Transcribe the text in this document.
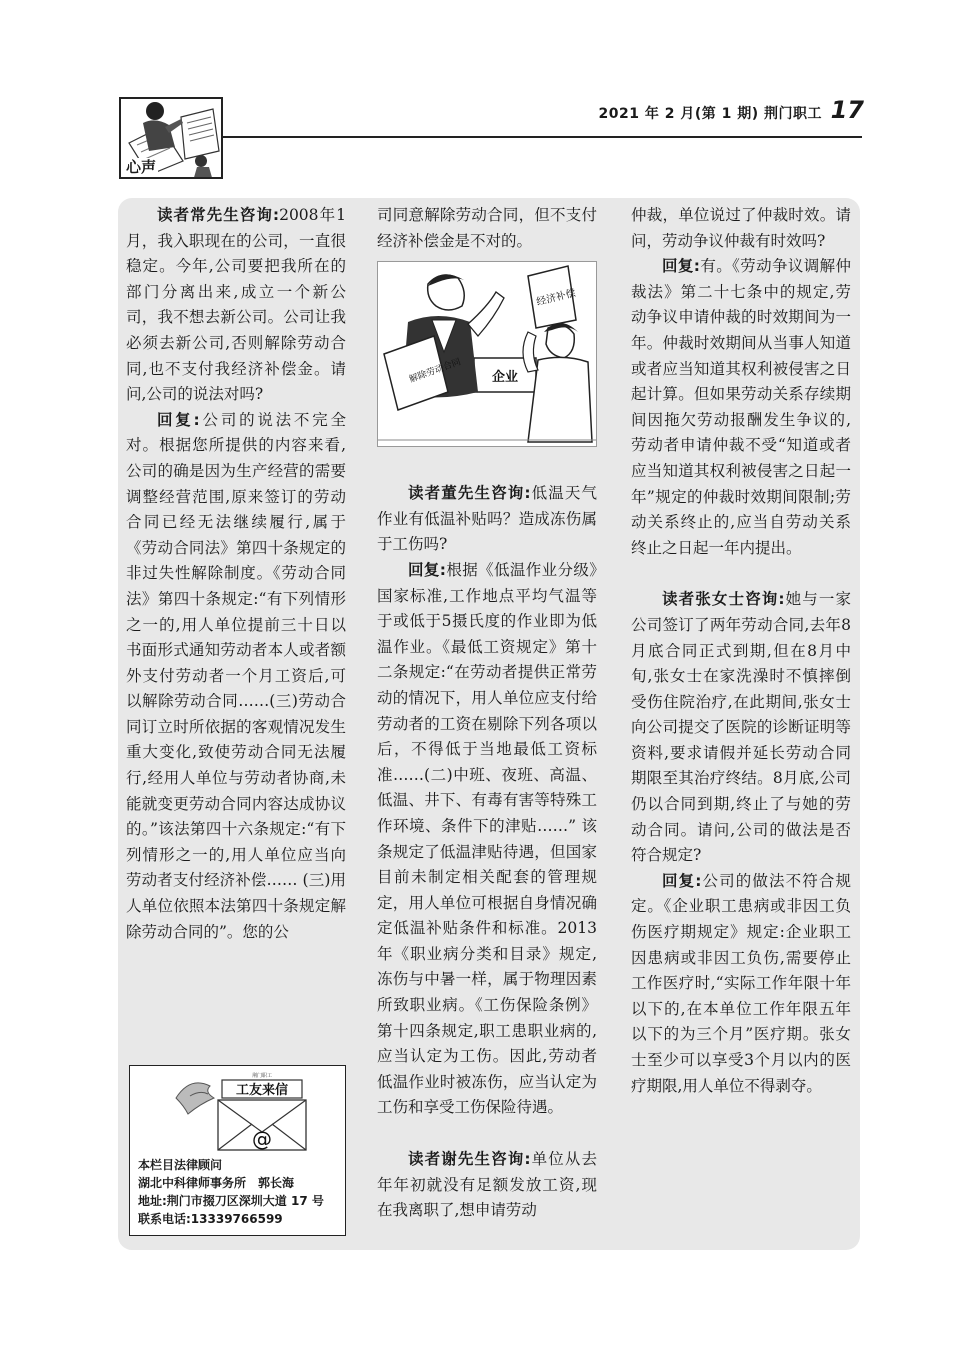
心声
2021 年 2 月(第 1 期) 荆门职工 17

读者常先生咨询:2008年1月，我入职现在的公司，一直很稳定。今年,公司要把我所在的部门分离出来,成立一个新公司，我不想去新公司。公司让我必须去新公司,否则解除劳动合同,也不支付我经济补偿金。请问,公司的说法对吗?

回复:公司的说法不完全对。根据您所提供的内容来看,公司的确是因为生产经营的需要调整经营范围,原来签订的劳动合同已经无法继续履行,属于《劳动合同法》第四十条规定的非过失性解除制度。《劳动合同法》第四十条规定:“有下列情形之一的,用人单位提前三十日以书面形式通知劳动者本人或者额外支付劳动者一个月工资后,可以解除劳动合同……(三)劳动合同订立时所依据的客观情况发生重大变化,致使劳动合同无法履行,经用人单位与劳动者协商,未能就变更劳动合同内容达成协议的。”该法第四十六条规定:“有下列情形之一的,用人单位应当向劳动者支付经济补偿…… (三)用人单位依照本法第四十条规定解除劳动合同的”。您的公

工友来信
荆门职工
@
本栏目法律顾问
湖北中科律师事务所　郭长海
地址:荆门市掇刀区深圳大道 17 号
联系电话:13339766599

司同意解除劳动合同，但不支付经济补偿金是不对的。

企业
解除劳动合同
经济补偿

读者董先生咨询:低温天气作业有低温补贴吗？造成冻伤属于工伤吗?

回复:根据《低温作业分级》国家标准,工作地点平均气温等于或低于5摄氏度的作业即为低温作业。《最低工资规定》第十二条规定:“在劳动者提供正常劳动的情况下，用人单位应支付给劳动者的工资在剔除下列各项以后，不得低于当地最低工资标准……(二)中班、夜班、高温、低温、井下、有毒有害等特殊工作环境、条件下的津贴……” 该条规定了低温津贴待遇，但国家目前未制定相关配套的管理规定，用人单位可根据自身情况确定低温补贴条件和标准。2013年《职业病分类和目录》规定,冻伤与中暑一样，属于物理因素所致职业病。《工伤保险条例》第十四条规定,职工患职业病的,应当认定为工伤。因此,劳动者低温作业时被冻伤，应当认定为工伤和享受工伤保险待遇。

读者谢先生咨询:单位从去年年初就没有足额发放工资,现在我离职了,想申请劳动

仲裁，单位说过了仲裁时效。请问，劳动争议仲裁有时效吗?

回复:有。《劳动争议调解仲裁法》第二十七条中的规定,劳动争议申请仲裁的时效期间为一年。仲裁时效期间从当事人知道或者应当知道其权利被侵害之日起计算。但如果劳动关系存续期间因拖欠劳动报酬发生争议的,劳动者申请仲裁不受“知道或者应当知道其权利被侵害之日起一年”规定的仲裁时效期间限制;劳动关系终止的,应当自劳动关系终止之日起一年内提出。

读者张女士咨询:她与一家公司签订了两年劳动合同,去年8月底合同正式到期,但在8月中旬,张女士在家洗澡时不慎摔倒受伤住院治疗,在此期间,张女士向公司提交了医院的诊断证明等资料,要求请假并延长劳动合同期限至其治疗终结。8月底,公司仍以合同到期,终止了与她的劳动合同。请问,公司的做法是否符合规定?

回复:公司的做法不符合规定。《企业职工患病或非因工负伤医疗期规定》规定:企业职工因患病或非因工负伤,需要停止工作医疗时,“实际工作年限十年以下的,在本单位工作年限五年以下的为三个月”医疗期。张女士至少可以享受3个月以内的医疗期限,用人单位不得剥夺。
